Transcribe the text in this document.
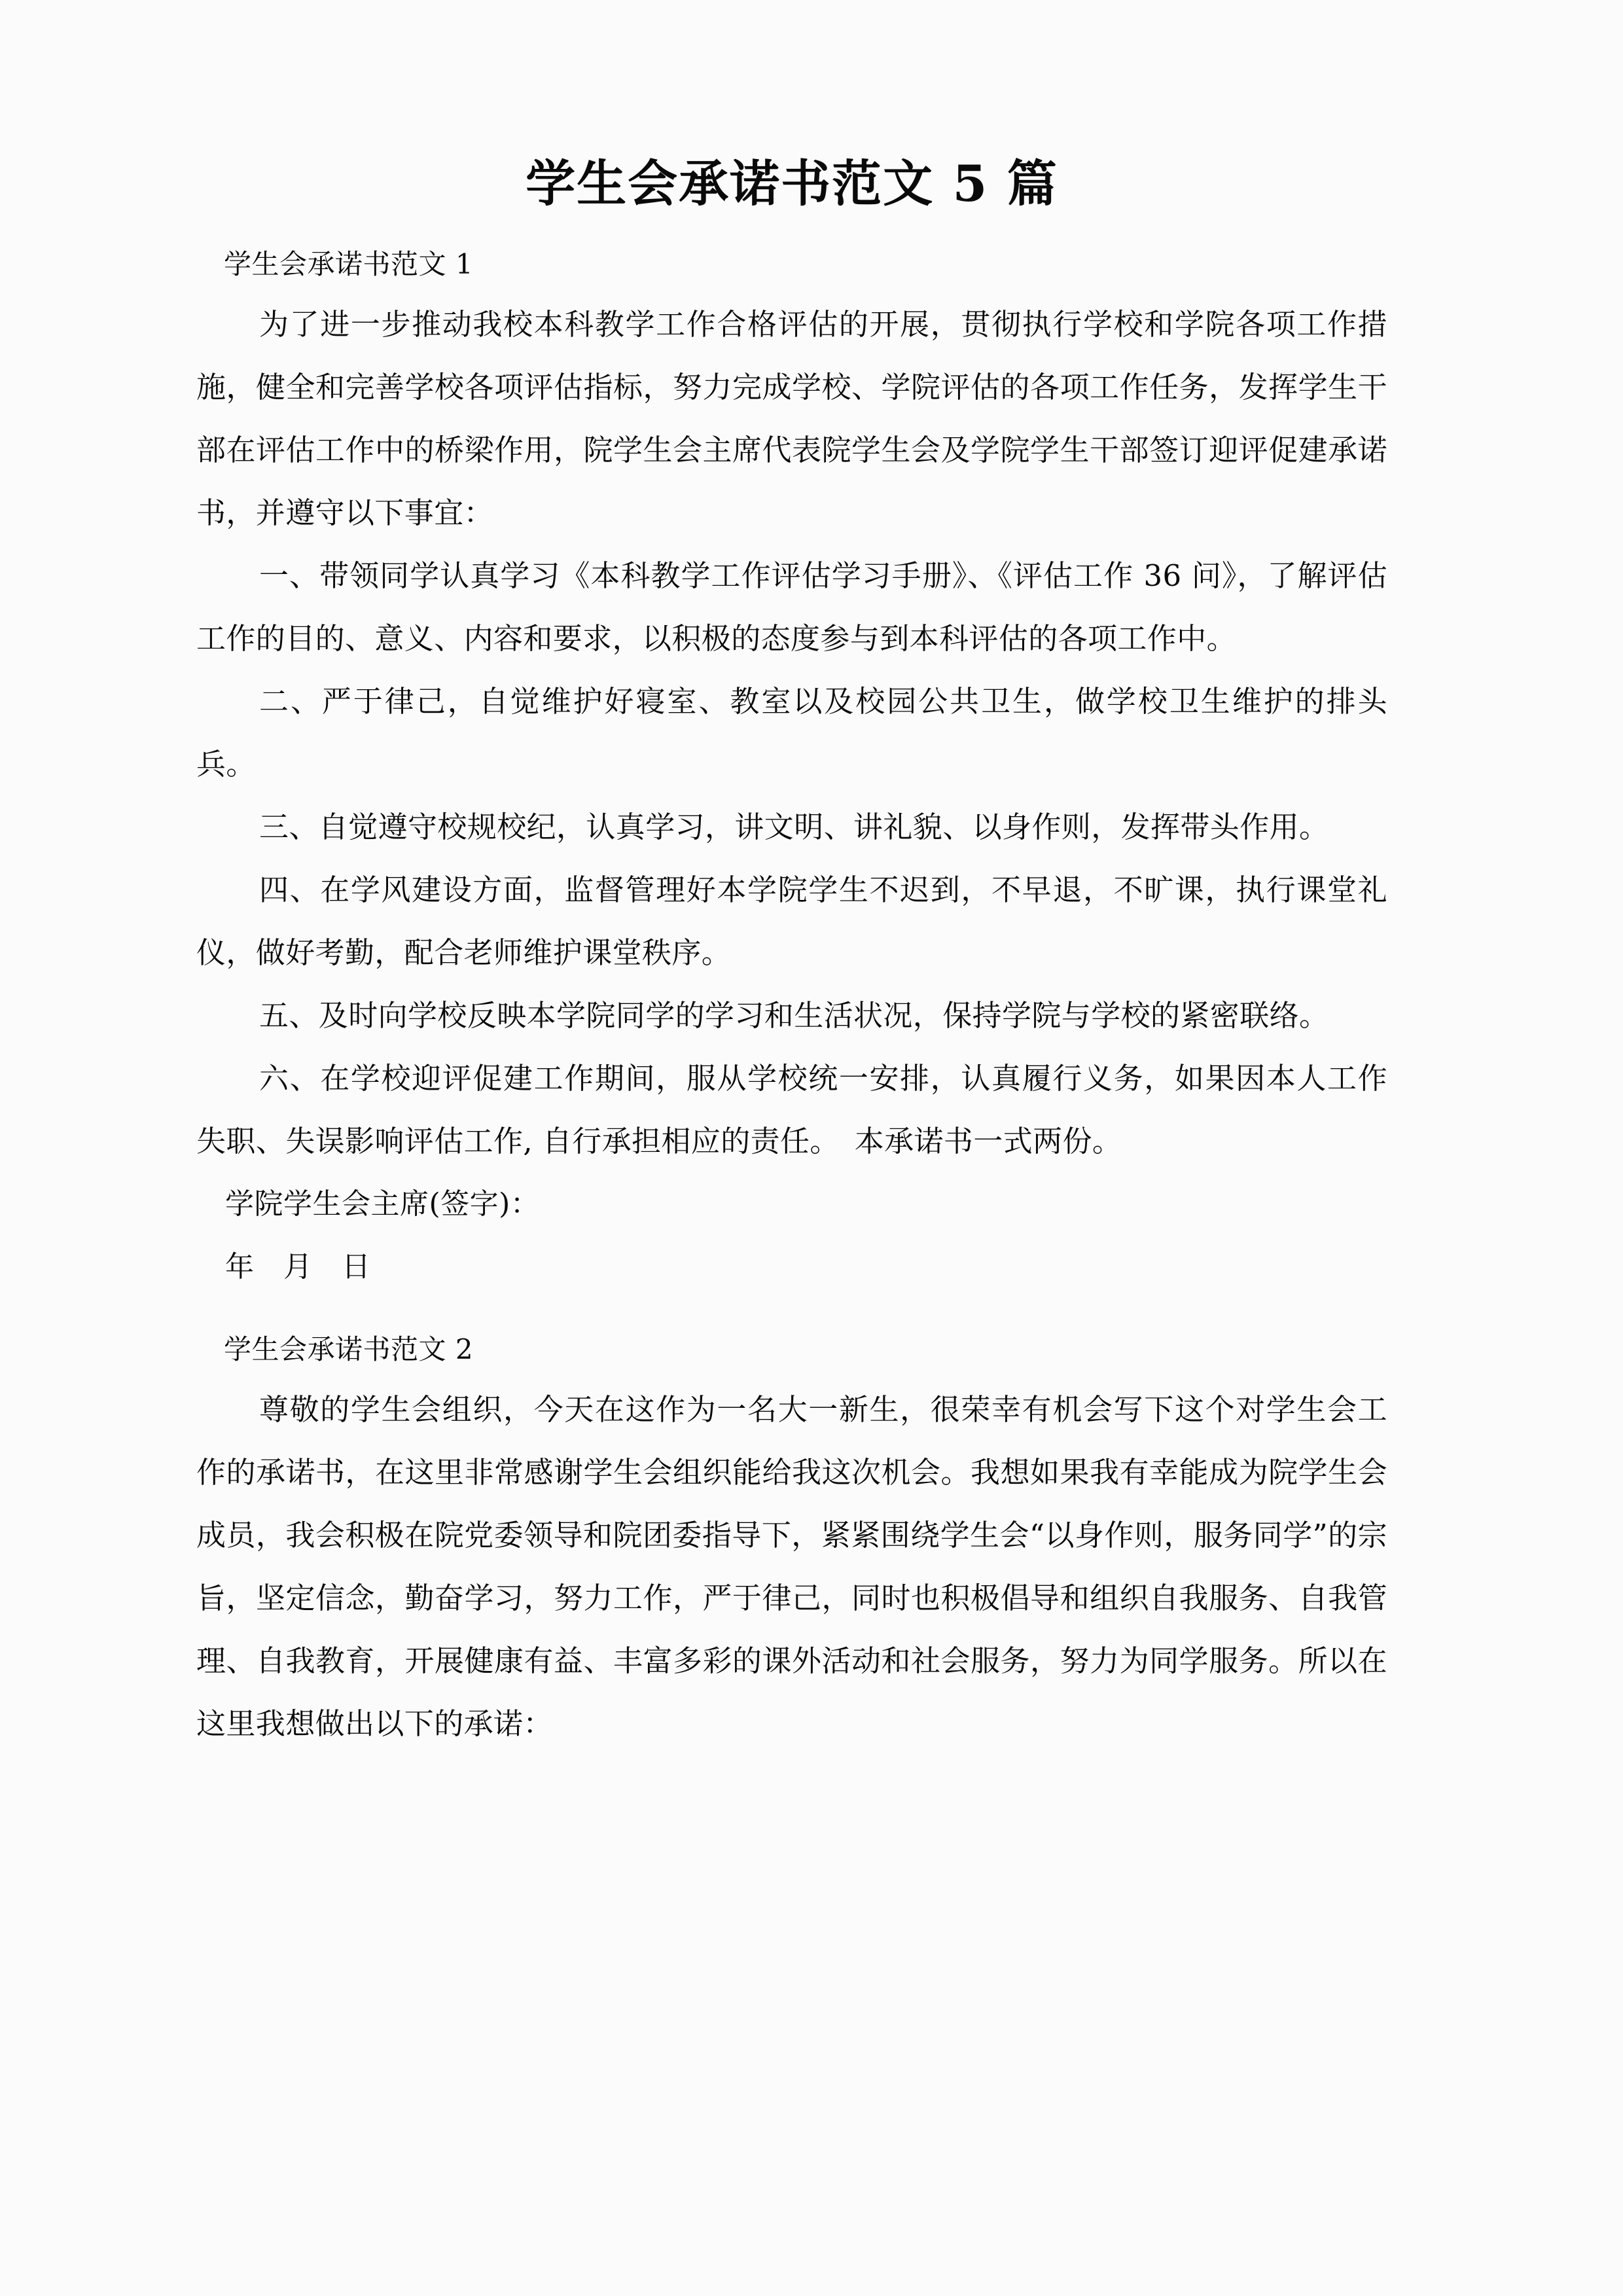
学生会承诺书范文 5 篇

学生会承诺书范文 1

为了进一步推动我校本科教学工作合格评估的开展，贯彻执行学校和学院各项工作措施，健全和完善学校各项评估指标，努力完成学校、学院评估的各项工作任务，发挥学生干部在评估工作中的桥梁作用，院学生会主席代表院学生会及学院学生干部签订迎评促建承诺书，并遵守以下事宜：

一、带领同学认真学习《本科教学工作评估学习手册》、《评估工作 36 问》，了解评估工作的目的、意义、内容和要求，以积极的态度参与到本科评估的各项工作中。

二、严于律己，自觉维护好寝室、教室以及校园公共卫生，做学校卫生维护的排头兵。

三、自觉遵守校规校纪，认真学习，讲文明、讲礼貌、以身作则，发挥带头作用。

四、在学风建设方面，监督管理好本学院学生不迟到，不早退，不旷课，执行课堂礼仪，做好考勤，配合老师维护课堂秩序。

五、及时向学校反映本学院同学的学习和生活状况，保持学院与学校的紧密联络。

六、在学校迎评促建工作期间，服从学校统一安排，认真履行义务，如果因本人工作失职、失误影响评估工作, 自行承担相应的责任。　本承诺书一式两份。

学院学生会主席(签字)：

年　月　日

学生会承诺书范文 2

尊敬的学生会组织，今天在这作为一名大一新生，很荣幸有机会写下这个对学生会工作的承诺书，在这里非常感谢学生会组织能给我这次机会。我想如果我有幸能成为院学生会成员，我会积极在院党委领导和院团委指导下，紧紧围绕学生会“以身作则，服务同学”的宗旨，坚定信念，勤奋学习，努力工作，严于律己，同时也积极倡导和组织自我服务、自我管理、自我教育，开展健康有益、丰富多彩的课外活动和社会服务，努力为同学服务。所以在这里我想做出以下的承诺：
